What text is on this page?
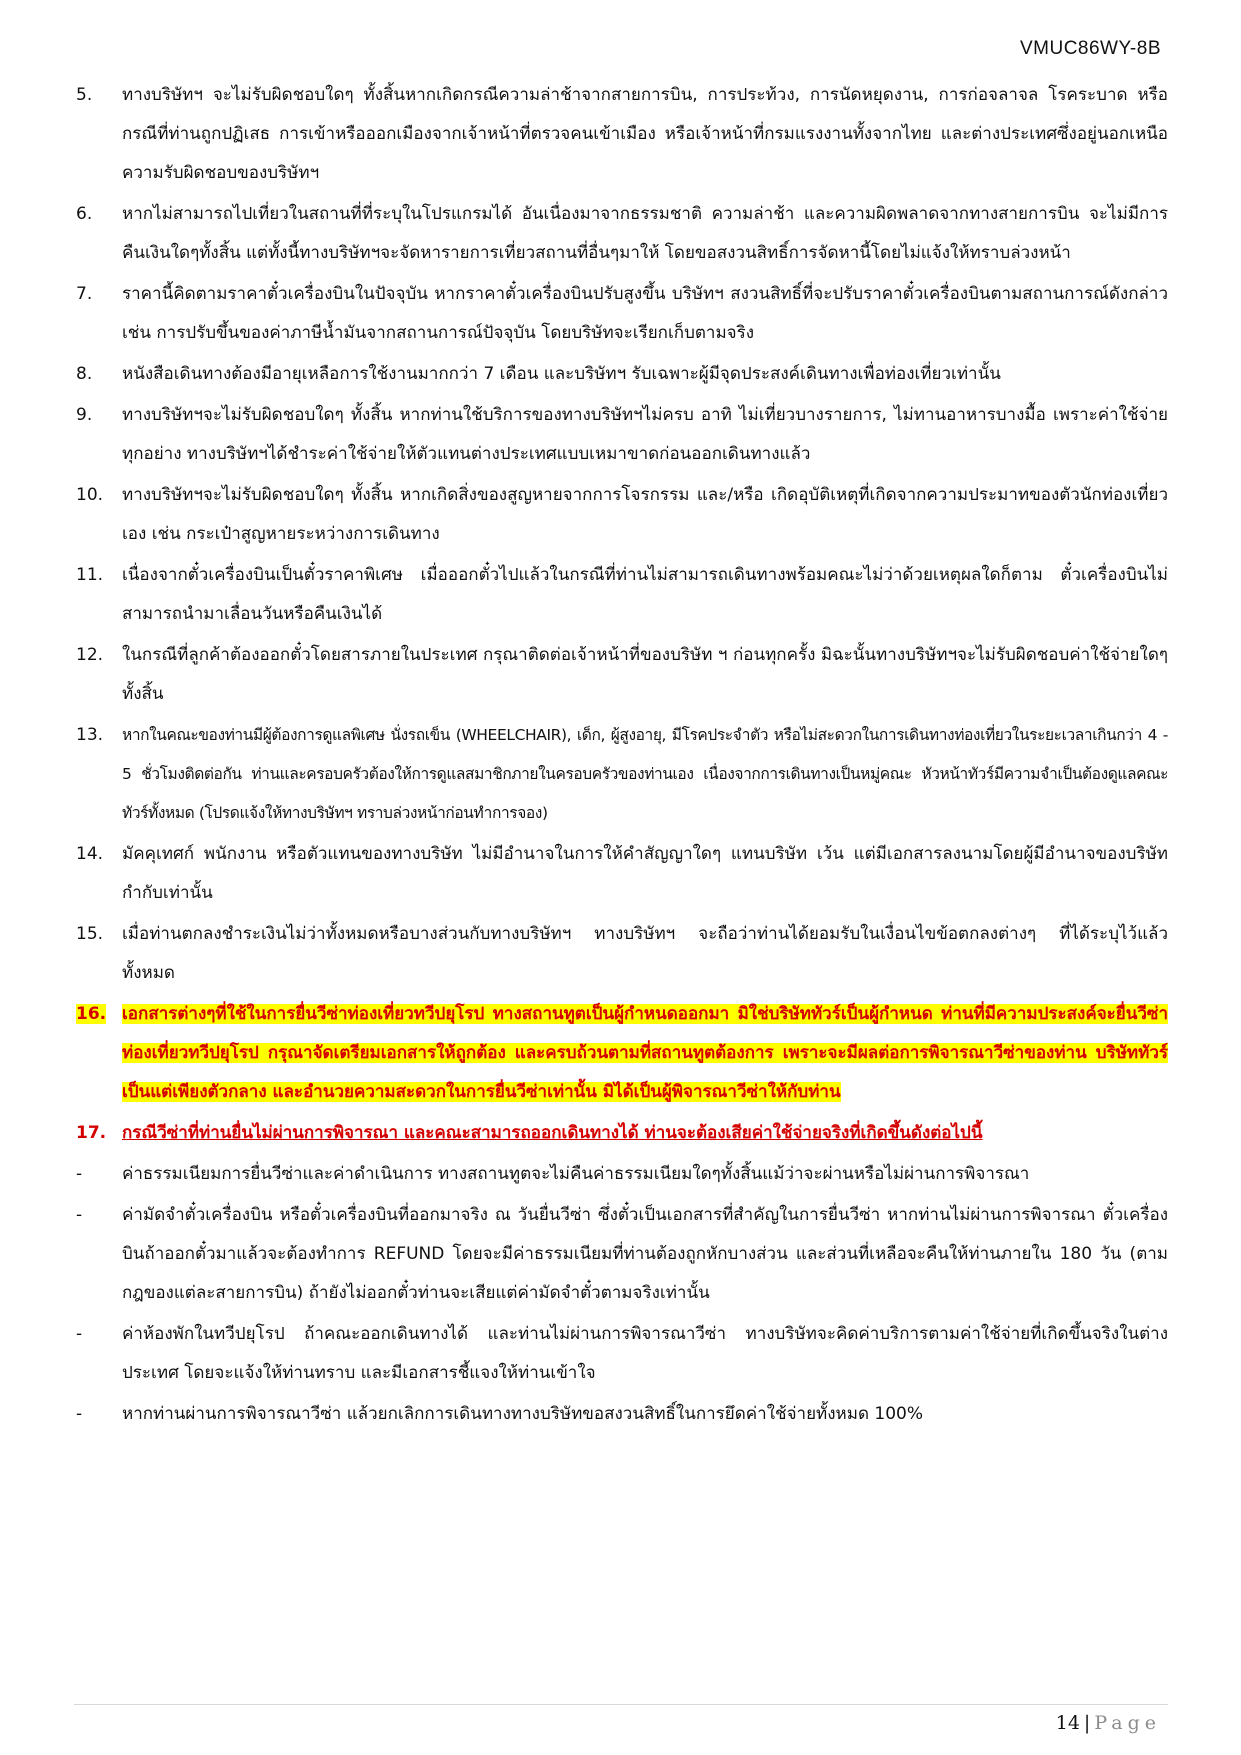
VMUC86WY-8B
5.	ทางบริษัทฯ จะไม่รับผิดชอบใดๆ ทั้งสิ้นหากเกิดกรณีความล่าช้าจากสายการบิน, การประท้วง, การนัดหยุดงาน, การก่อจลาจล โรคระบาด หรือกรณีที่ท่านถูกปฏิเสธ การเข้าหรือออกเมืองจากเจ้าหน้าที่ตรวจคนเข้าเมือง หรือเจ้าหน้าที่กรมแรงงานทั้งจากไทย และต่างประเทศซึ่งอยู่นอกเหนือความรับผิดชอบของบริษัทฯ
6.	หากไม่สามารถไปเที่ยวในสถานที่ที่ระบุในโปรแกรมได้ อันเนื่องมาจากธรรมชาติ ความล่าช้า และความผิดพลาดจากทางสายการบิน จะไม่มีการคืนเงินใดๆทั้งสิ้น แต่ทั้งนี้ทางบริษัทฯจะจัดหารายการเที่ยวสถานที่อื่นๆมาให้ โดยขอสงวนสิทธิ์การจัดหานี้โดยไม่แจ้งให้ทราบล่วงหน้า
7.	ราคานี้คิดตามราคาตั๋วเครื่องบินในปัจจุบัน หากราคาตั๋วเครื่องบินปรับสูงขึ้น บริษัทฯ สงวนสิทธิ์ที่จะปรับราคาตั๋วเครื่องบินตามสถานการณ์ดังกล่าว เช่น การปรับขึ้นของค่าภาษีน้ำมันจากสถานการณ์ปัจจุบัน โดยบริษัทจะเรียกเก็บตามจริง
8.	หนังสือเดินทางต้องมีอายุเหลือการใช้งานมากกว่า 7 เดือน และบริษัทฯ รับเฉพาะผู้มีจุดประสงค์เดินทางเพื่อท่องเที่ยวเท่านั้น
9.	ทางบริษัทฯจะไม่รับผิดชอบใดๆ ทั้งสิ้น หากท่านใช้บริการของทางบริษัทฯไม่ครบ อาทิ ไม่เที่ยวบางรายการ, ไม่ทานอาหารบางมื้อ เพราะค่าใช้จ่ายทุกอย่าง ทางบริษัทฯได้ชำระค่าใช้จ่ายให้ตัวแทนต่างประเทศแบบเหมาขาดก่อนออกเดินทางแล้ว
10.	ทางบริษัทฯจะไม่รับผิดชอบใดๆ ทั้งสิ้น หากเกิดสิ่งของสูญหายจากการโจรกรรม และ/หรือ เกิดอุบัติเหตุที่เกิดจากความประมาทของตัวนักท่องเที่ยวเอง เช่น กระเป๋าสูญหายระหว่างการเดินทาง
11.	เนื่องจากตั๋วเครื่องบินเป็นตั๋วราคาพิเศษ เมื่อออกตั๋วไปแล้วในกรณีที่ท่านไม่สามารถเดินทางพร้อมคณะไม่ว่าด้วยเหตุผลใดก็ตาม ตั๋วเครื่องบินไม่สามารถนำมาเลื่อนวันหรือคืนเงินได้
12.	ในกรณีที่ลูกค้าต้องออกตั๋วโดยสารภายในประเทศ กรุณาติดต่อเจ้าหน้าที่ของบริษัท ฯ ก่อนทุกครั้ง มิฉะนั้นทางบริษัทฯจะไม่รับผิดชอบค่าใช้จ่ายใดๆ ทั้งสิ้น
13.	หากในคณะของท่านมีผู้ต้องการดูแลพิเศษ นั่งรถเข็น (WHEELCHAIR), เด็ก, ผู้สูงอายุ, มีโรคประจำตัว หรือไม่สะดวกในการเดินทางท่องเที่ยวในระยะเวลาเกินกว่า 4 - 5 ชั่วโมงติดต่อกัน ท่านและครอบครัวต้องให้การดูแลสมาชิกภายในครอบครัวของท่านเอง เนื่องจากการเดินทางเป็นหมู่คณะ หัวหน้าทัวร์มีความจำเป็นต้องดูแลคณะทัวร์ทั้งหมด (โปรดแจ้งให้ทางบริษัทฯ ทราบล่วงหน้าก่อนทำการจอง)
14.	มัคคุเทศก์ พนักงาน หรือตัวแทนของทางบริษัท ไม่มีอำนาจในการให้คำสัญญาใดๆ แทนบริษัท เว้น แต่มีเอกสารลงนามโดยผู้มีอำนาจของบริษัทกำกับเท่านั้น
15.	เมื่อท่านตกลงชำระเงินไม่ว่าทั้งหมดหรือบางส่วนกับทางบริษัทฯ ทางบริษัทฯ จะถือว่าท่านได้ยอมรับในเงื่อนไขข้อตกลงต่างๆ ที่ได้ระบุไว้แล้วทั้งหมด
16. เอกสารต่างๆที่ใช้ในการยื่นวีซ่าท่องเที่ยวทวีปยุโรป ทางสถานทูตเป็นผู้กำหนดออกมา มิใช่บริษัททัวร์เป็นผู้กำหนด ท่านที่มีความประสงค์จะยื่นวีซ่าท่องเที่ยวทวีปยุโรป กรุณาจัดเตรียมเอกสารให้ถูกต้อง และครบถ้วนตามที่สถานทูตต้องการ เพราะจะมีผลต่อการพิจารณาวีซ่าของท่าน บริษัททัวร์เป็นแต่เพียงตัวกลาง และอำนวยความสะดวกในการยื่นวีซ่าเท่านั้น มิได้เป็นผู้พิจารณาวีซ่าให้กับท่าน
17. กรณีวีซ่าที่ท่านยื่นไม่ผ่านการพิจารณา และคณะสามารถออกเดินทางได้ ท่านจะต้องเสียค่าใช้จ่ายจริงที่เกิดขึ้นดังต่อไปนี้
-	ค่าธรรมเนียมการยื่นวีซ่าและค่าดำเนินการ ทางสถานทูตจะไม่คืนค่าธรรมเนียมใดๆทั้งสิ้นแม้ว่าจะผ่านหรือไม่ผ่านการพิจารณา
-	ค่ามัดจำตั๋วเครื่องบิน หรือตั๋วเครื่องบินที่ออกมาจริง ณ วันยื่นวีซ่า ซึ่งตั๋วเป็นเอกสารที่สำคัญในการยื่นวีซ่า หากท่านไม่ผ่านการพิจารณา ตั๋วเครื่องบินถ้าออกตั๋วมาแล้วจะต้องทำการ REFUND โดยจะมีค่าธรรมเนียมที่ท่านต้องถูกหักบางส่วน และส่วนที่เหลือจะคืนให้ท่านภายใน 180 วัน (ตามกฎของแต่ละสายการบิน) ถ้ายังไม่ออกตั๋วท่านจะเสียแต่ค่ามัดจำตั๋วตามจริงเท่านั้น
-	ค่าห้องพักในทวีปยุโรป ถ้าคณะออกเดินทางได้ และท่านไม่ผ่านการพิจารณาวีซ่า ทางบริษัทจะคิดค่าบริการตามค่าใช้จ่ายที่เกิดขึ้นจริงในต่างประเทศ โดยจะแจ้งให้ท่านทราบ และมีเอกสารชี้แจงให้ท่านเข้าใจ
-	หากท่านผ่านการพิจารณาวีซ่า แล้วยกเลิกการเดินทางทางบริษัทขอสงวนสิทธิ์ในการยึดค่าใช้จ่ายทั้งหมด 100%
14 | Page
